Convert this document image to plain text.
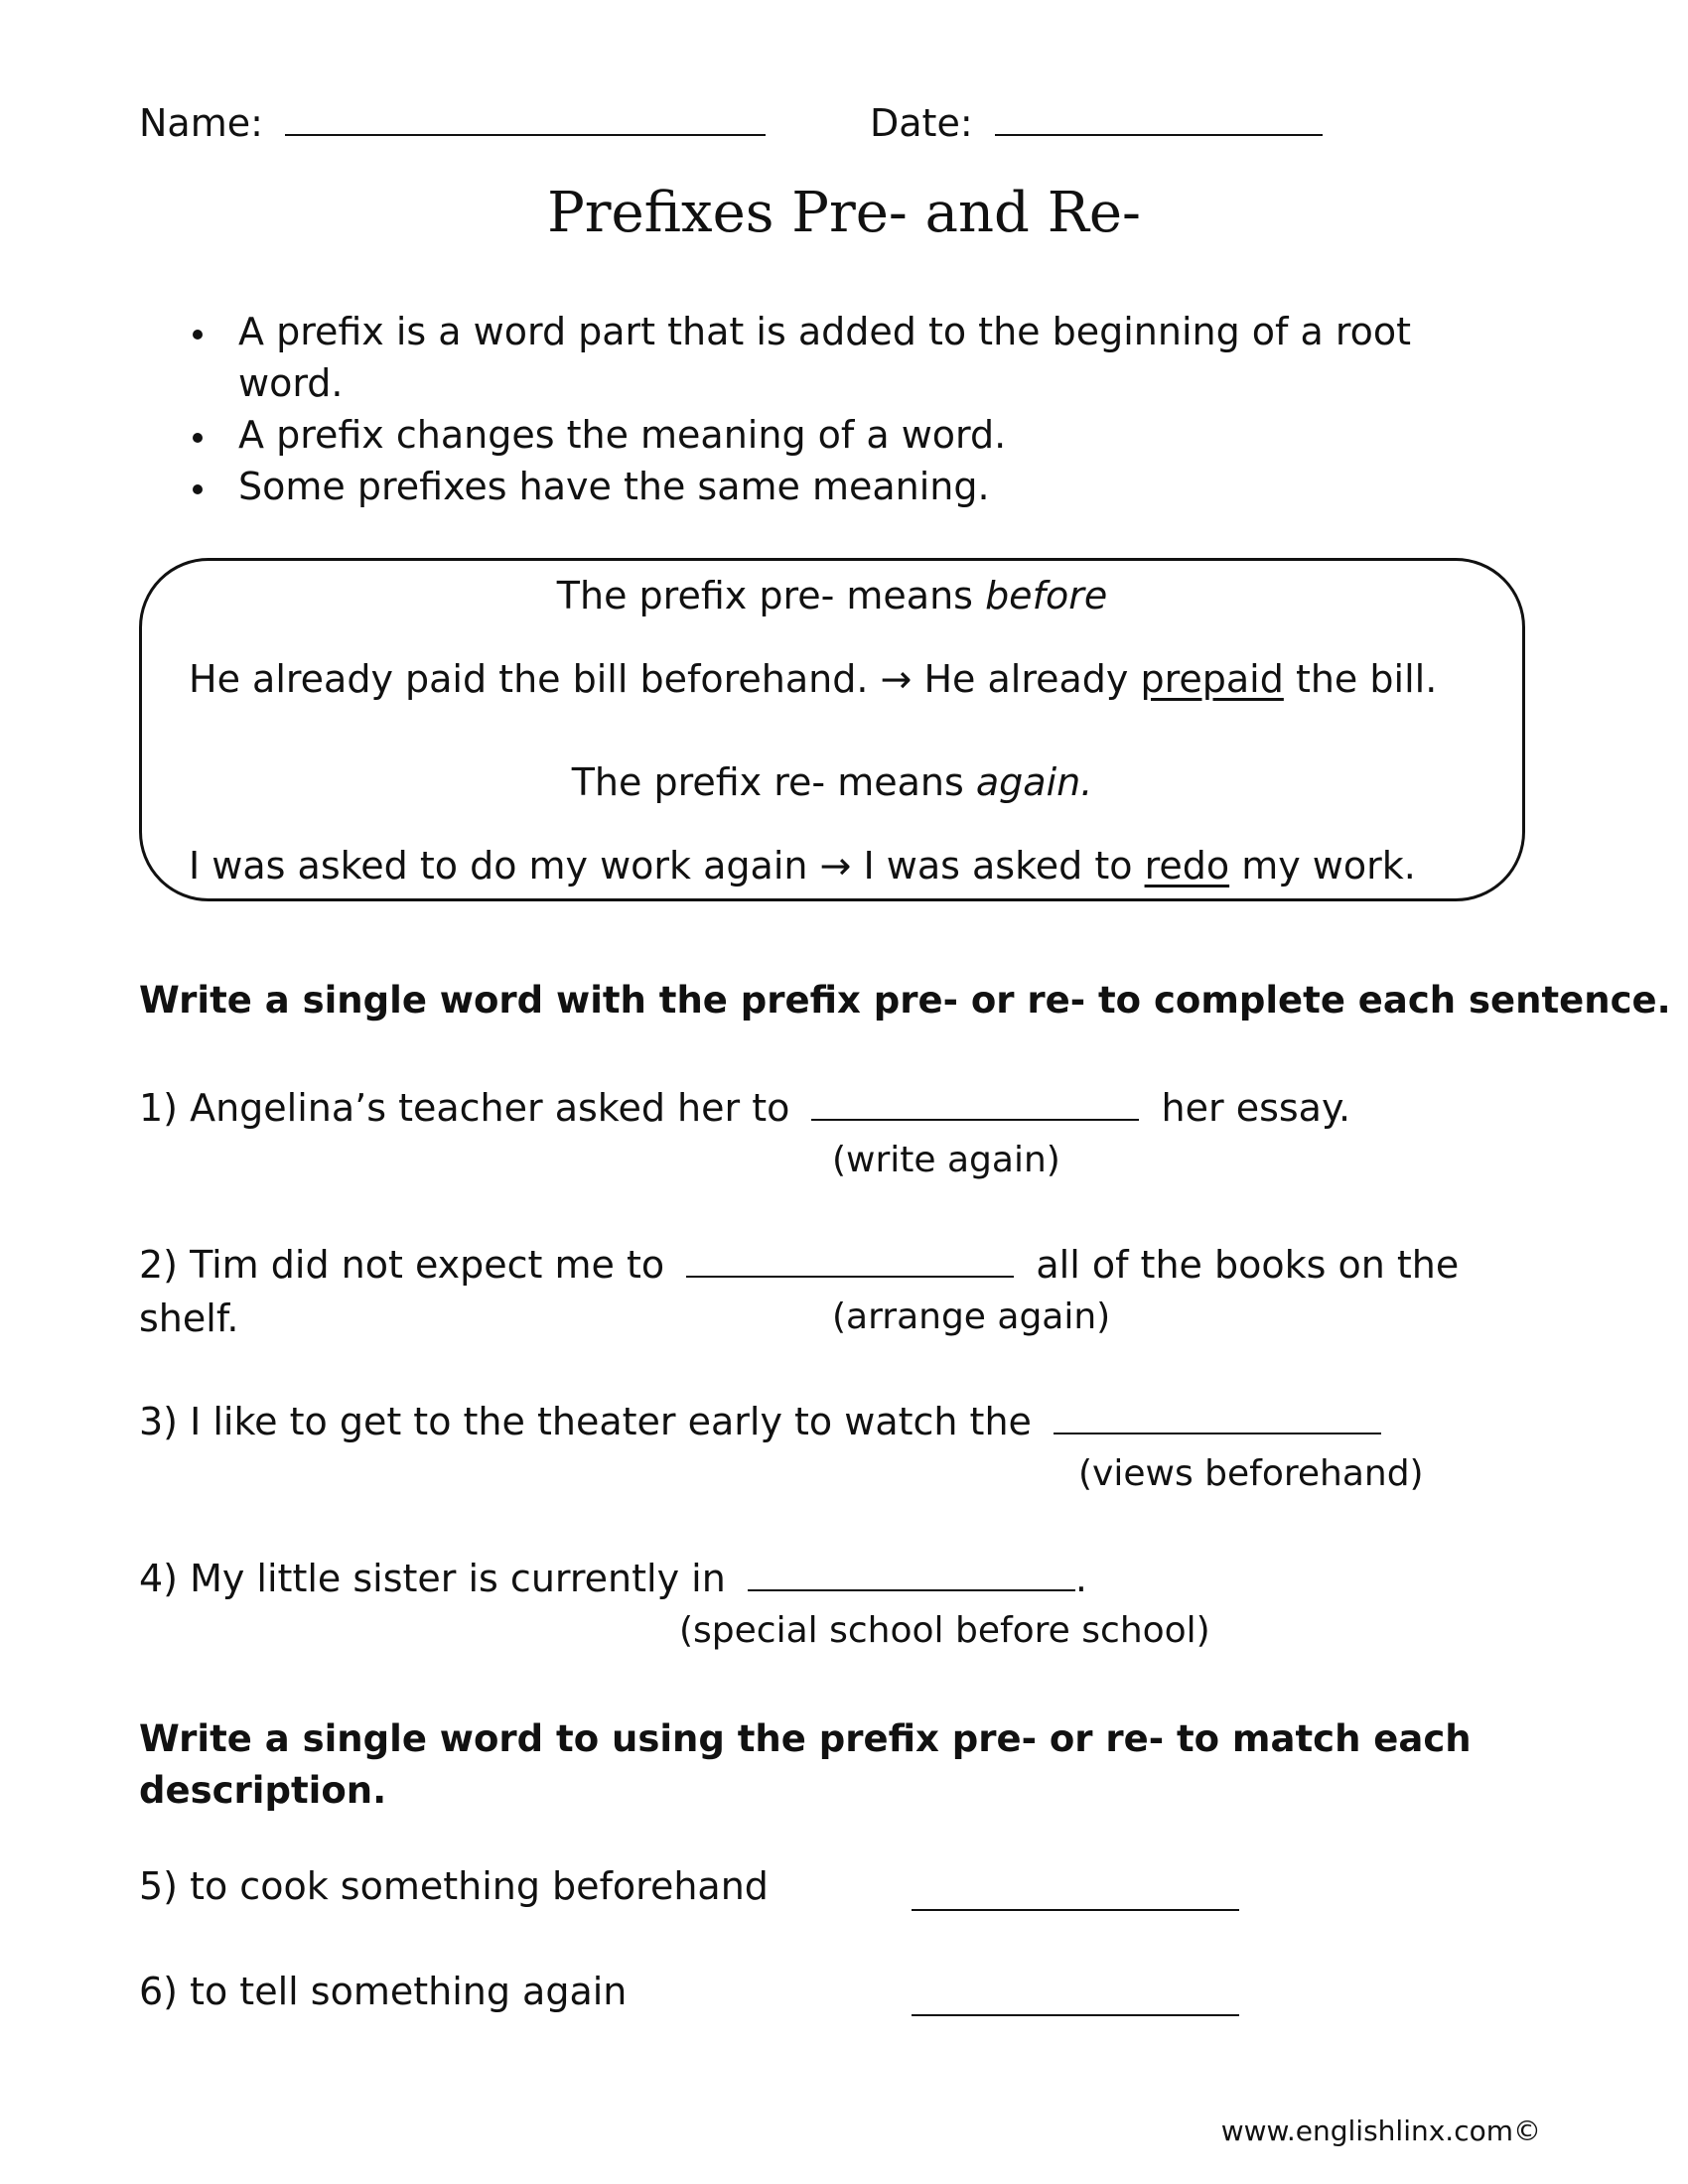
Name:	Date:
Prefixes Pre- and Re-
A prefix is a word part that is added to the beginning of a root word.
A prefix changes the meaning of a word.
Some prefixes have the same meaning.
The prefix pre- means before
He already paid the bill beforehand. → He already prepaid the bill.
The prefix re- means again.
I was asked to do my work again → I was asked to redo my work.
Write a single word with the prefix pre- or re- to complete each sentence.
1) Angelina’s teacher asked her to	her essay.
(write again)
2) Tim did not expect me to	all of the books on the
shelf.	(arrange again)
3) I like to get to the theater early to watch the
(views beforehand)
4) My little sister is currently in	.
(special school before school)
Write a single word to using the prefix pre- or re- to match each
description.
5) to cook something beforehand
6) to tell something again
www.englishlinx.com©
